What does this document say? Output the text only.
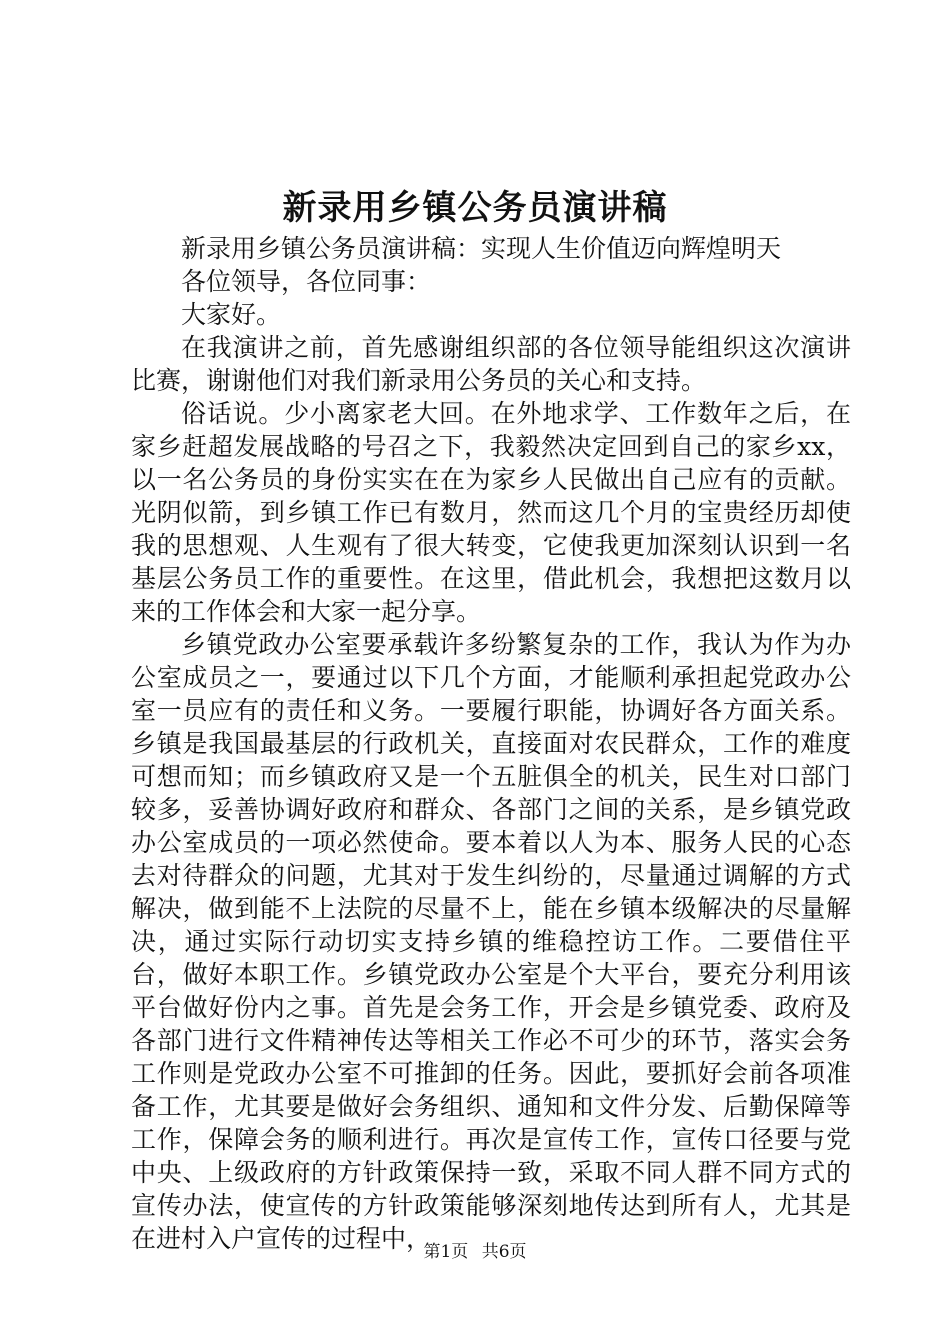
新录用乡镇公务员演讲稿

新录用乡镇公务员演讲稿：实现人生价值迈向辉煌明天

各位领导，各位同事：

大家好。

在我演讲之前，首先感谢组织部的各位领导能组织这次演讲比赛，谢谢他们对我们新录用公务员的关心和支持。

俗话说。少小离家老大回。在外地求学、工作数年之后，在家乡赶超发展战略的号召之下，我毅然决定回到自己的家乡xx，以一名公务员的身份实实在在为家乡人民做出自己应有的贡献。光阴似箭，到乡镇工作已有数月，然而这几个月的宝贵经历却使我的思想观、人生观有了很大转变，它使我更加深刻认识到一名基层公务员工作的重要性。在这里，借此机会，我想把这数月以来的工作体会和大家一起分享。

乡镇党政办公室要承载许多纷繁复杂的工作，我认为作为办公室成员之一，要通过以下几个方面，才能顺利承担起党政办公室一员应有的责任和义务。一要履行职能，协调好各方面关系。乡镇是我国最基层的行政机关，直接面对农民群众，工作的难度可想而知；而乡镇政府又是一个五脏俱全的机关，民生对口部门较多，妥善协调好政府和群众、各部门之间的关系，是乡镇党政办公室成员的一项必然使命。要本着以人为本、服务人民的心态去对待群众的问题，尤其对于发生纠纷的，尽量通过调解的方式解决，做到能不上法院的尽量不上，能在乡镇本级解决的尽量解决，通过实际行动切实支持乡镇的维稳控访工作。二要借住平台，做好本职工作。乡镇党政办公室是个大平台，要充分利用该平台做好份内之事。首先是会务工作，开会是乡镇党委、政府及各部门进行文件精神传达等相关工作必不可少的环节，落实会务工作则是党政办公室不可推卸的任务。因此，要抓好会前各项准备工作，尤其要是做好会务组织、通知和文件分发、后勤保障等工作，保障会务的顺利进行。再次是宣传工作，宣传口径要与党中央、上级政府的方针政策保持一致，采取不同人群不同方式的宣传办法，使宣传的方针政策能够深刻地传达到所有人，尤其是在进村入户宣传的过程中，

第1页 共6页
